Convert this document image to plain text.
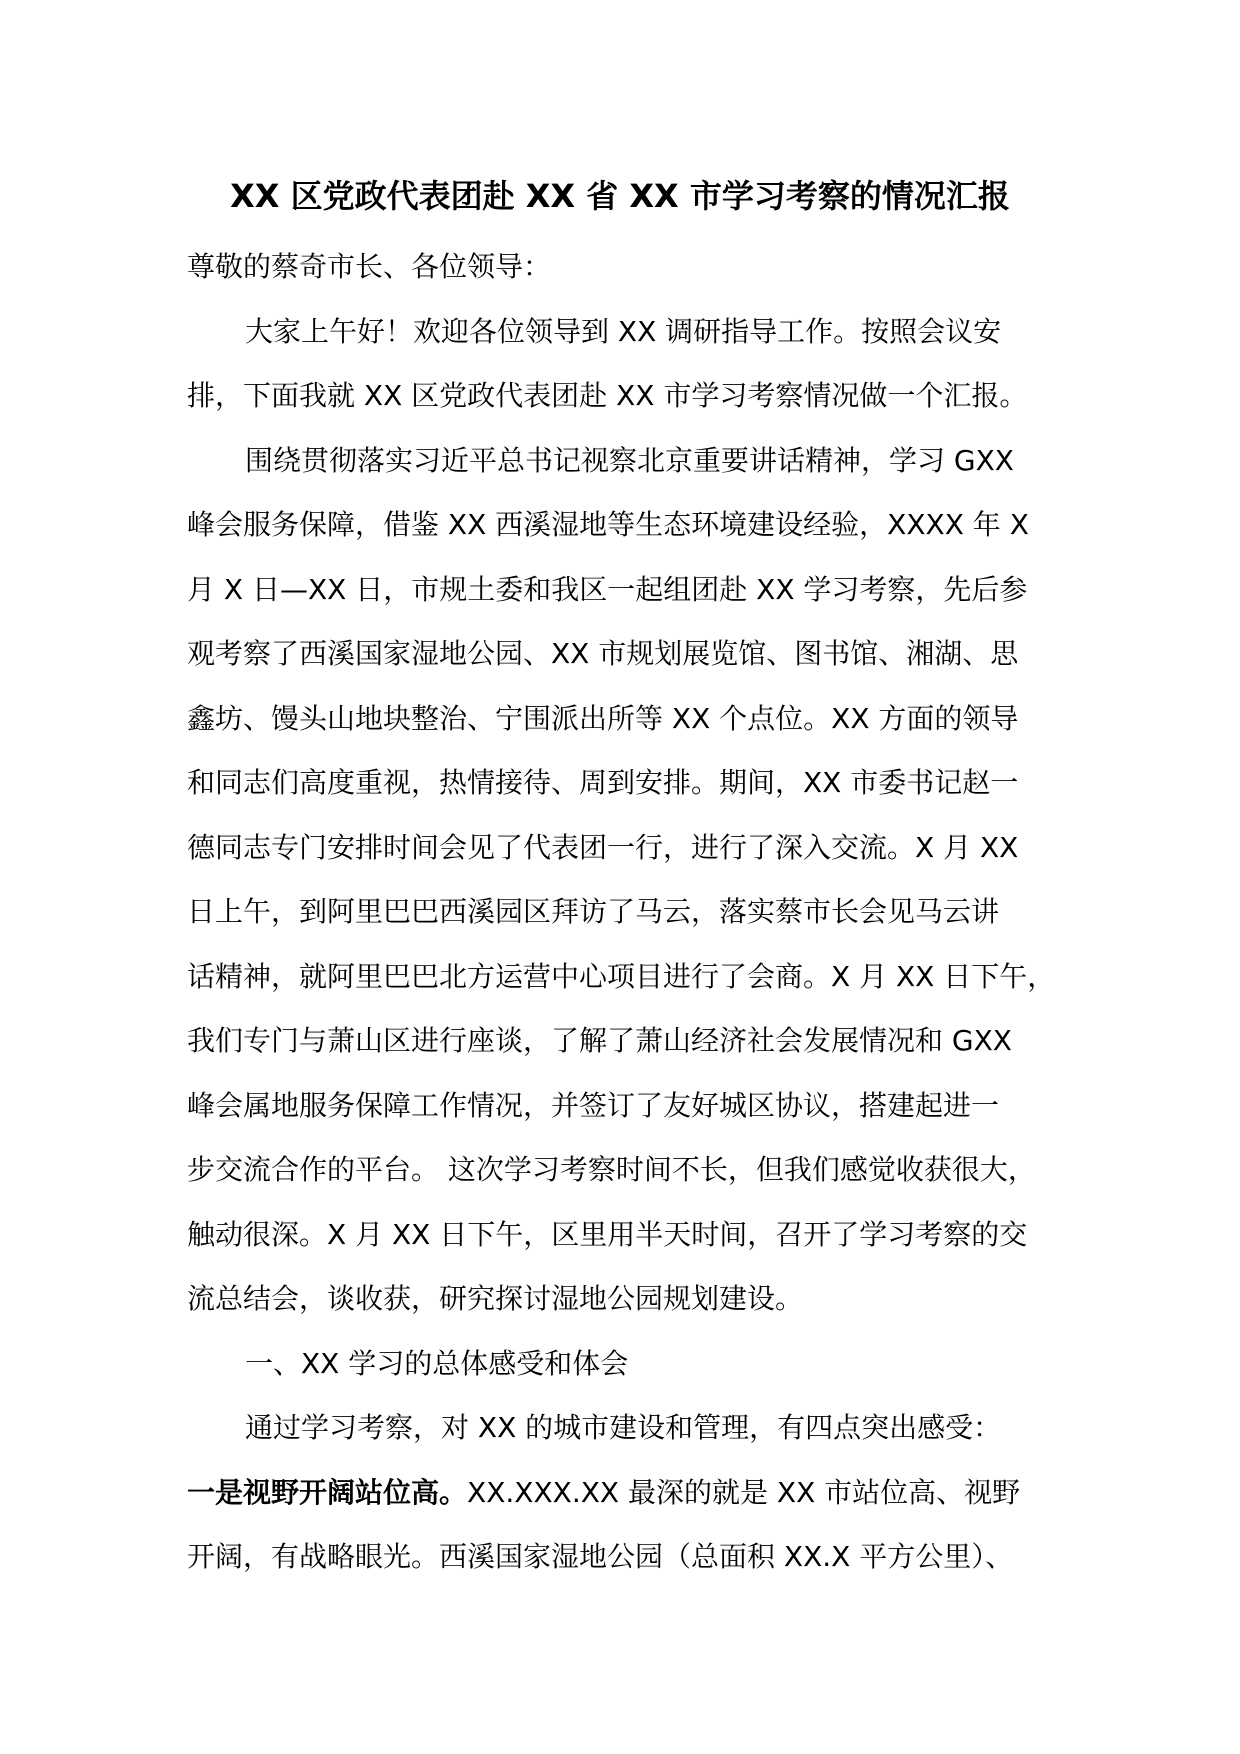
XX 区党政代表团赴 XX 省 XX 市学习考察的情况汇报

尊敬的蔡奇市长、各位领导：

大家上午好！欢迎各位领导到 XX 调研指导工作。按照会议安

排，下面我就 XX 区党政代表团赴 XX 市学习考察情况做一个汇报。

围绕贯彻落实习近平总书记视察北京重要讲话精神，学习 GXX

峰会服务保障，借鉴 XX 西溪湿地等生态环境建设经验，XXXX 年 X

月 X 日—XX 日，市规土委和我区一起组团赴 XX 学习考察，先后参

观考察了西溪国家湿地公园、XX 市规划展览馆、图书馆、湘湖、思

鑫坊、馒头山地块整治、宁围派出所等 XX 个点位。XX 方面的领导

和同志们高度重视，热情接待、周到安排。期间，XX 市委书记赵一

德同志专门安排时间会见了代表团一行，进行了深入交流。X 月 XX

日上午，到阿里巴巴西溪园区拜访了马云，落实蔡市长会见马云讲

话精神，就阿里巴巴北方运营中心项目进行了会商。X 月 XX 日下午，

我们专门与萧山区进行座谈，了解了萧山经济社会发展情况和 GXX

峰会属地服务保障工作情况，并签订了友好城区协议，搭建起进一

步交流合作的平台。 这次学习考察时间不长，但我们感觉收获很大，

触动很深。X 月 XX 日下午，区里用半天时间，召开了学习考察的交

流总结会，谈收获，研究探讨湿地公园规划建设。

一、XX 学习的总体感受和体会

通过学习考察，对 XX 的城市建设和管理，有四点突出感受：

一是视野开阔站位高。XX.XXX.XX 最深的就是 XX 市站位高、视野

开阔，有战略眼光。西溪国家湿地公园（总面积 XX.X 平方公里）、
